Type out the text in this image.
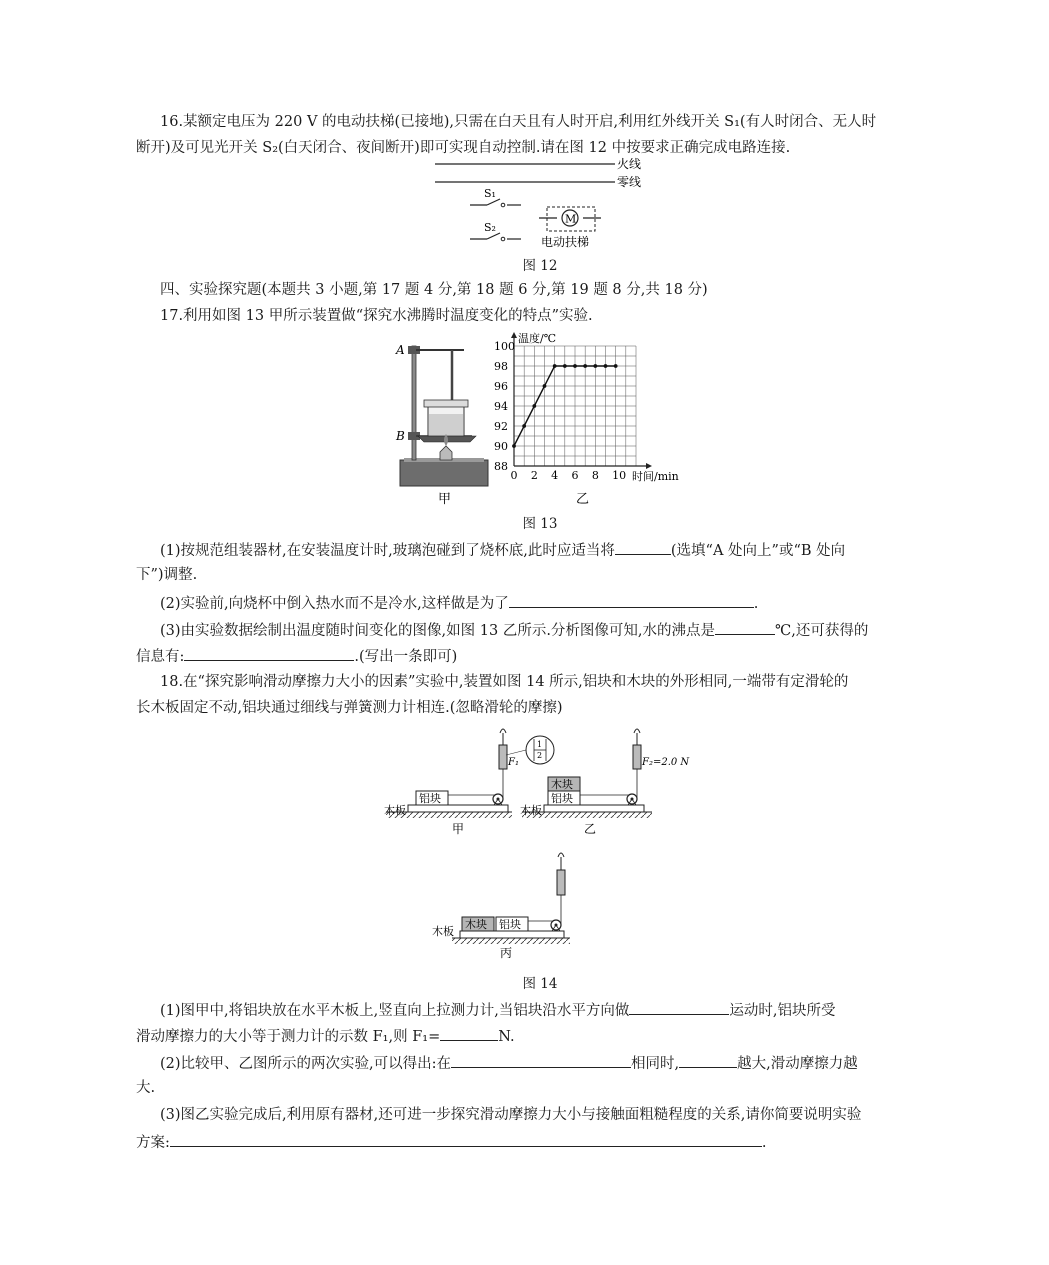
16.某额定电压为 220 V 的电动扶梯(已接地),只需在白天且有人时开启,利用红外线开关 S₁(有人时闭合、无人时
断开)及可见光开关 S₂(白天闭合、夜间断开)即可实现自动控制.请在图 12 中按要求正确完成电路连接.
火线
零线
S₁
S₂
M
电动扶梯
图 12
四、实验探究题(本题共 3 小题,第 17 题 4 分,第 18 题 6 分,第 19 题 8 分,共 18 分)
17.利用如图 13 甲所示装置做“探究水沸腾时温度变化的特点”实验.
A
B
甲
0 2 4 6 8 10
88
90
92
94
96
98
100
时间/min
温度/℃
乙
图 13
(1)按规范组装器材,在安装温度计时,玻璃泡碰到了烧杯底,此时应适当将	(选填“A 处向上”或“B 处向
下”)调整.
(2)实验前,向烧杯中倒入热水而不是冷水,这样做是为了	.
(3)由实验数据绘制出温度随时间变化的图像,如图 13 乙所示.分析图像可知,水的沸点是	℃,还可获得的
信息有:	.(写出一条即可)
18.在“探究影响滑动摩擦力大小的因素”实验中,装置如图 14 所示,铝块和木块的外形相同,一端带有定滑轮的
长木板固定不动,铝块通过细线与弹簧测力计相连.(忽略滑轮的摩擦)
铝块
木板
F₁
1
2
甲
铝块
木块
木板
F₂=2.0 N
乙
木块 铝块
木板
丙
图 14
(1)图甲中,将铝块放在水平木板上,竖直向上拉测力计,当铝块沿水平方向做	运动时,铝块所受
滑动摩擦力的大小等于测力计的示数 F₁,则 F₁=	N.
(2)比较甲、乙图所示的两次实验,可以得出:在	相同时,	越大,滑动摩擦力越
大.
(3)图乙实验完成后,利用原有器材,还可进一步探究滑动摩擦力大小与接触面粗糙程度的关系,请你简要说明实验
方案:	.
